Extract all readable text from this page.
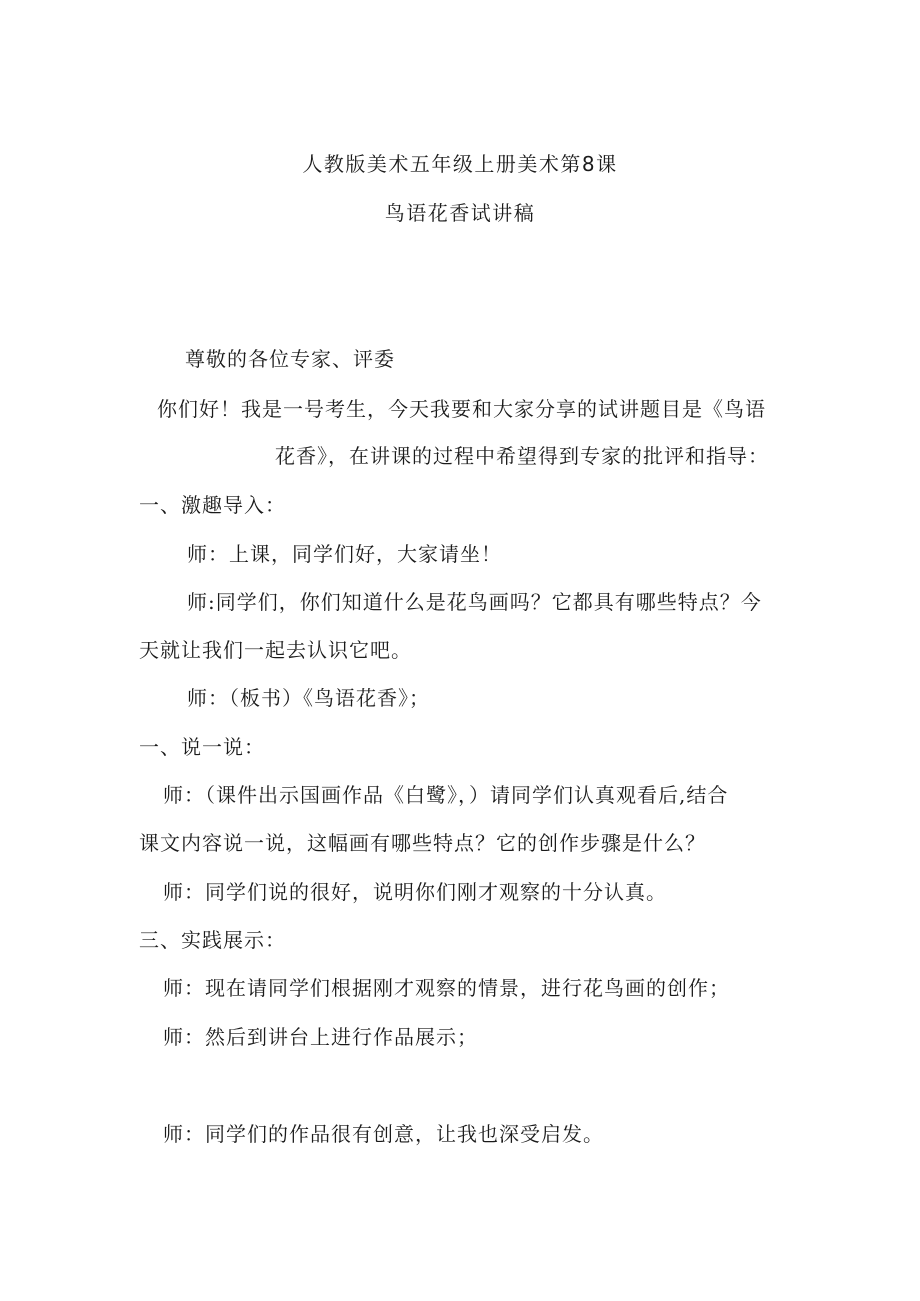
人教版美术五年级上册美术第8课
鸟语花香试讲稿
尊敬的各位专家、评委
你们好！我是一号考生，今天我要和大家分享的试讲题目是《鸟语
花香》，在讲课的过程中希望得到专家的批评和指导：
一、激趣导入：
师：上课，同学们好，大家请坐！
师:同学们，你们知道什么是花鸟画吗？它都具有哪些特点？今
天就让我们一起去认识它吧。
师：（板书）《鸟语花香》；
一、说一说：
师：（课件出示国画作品《白鹭》，）请同学们认真观看后,结合
课文内容说一说，这幅画有哪些特点？它的创作步骤是什么？
师：同学们说的很好，说明你们刚才观察的十分认真。
三、实践展示：
师：现在请同学们根据刚才观察的情景，进行花鸟画的创作；
师：然后到讲台上进行作品展示；
师：同学们的作品很有创意，让我也深受启发。
